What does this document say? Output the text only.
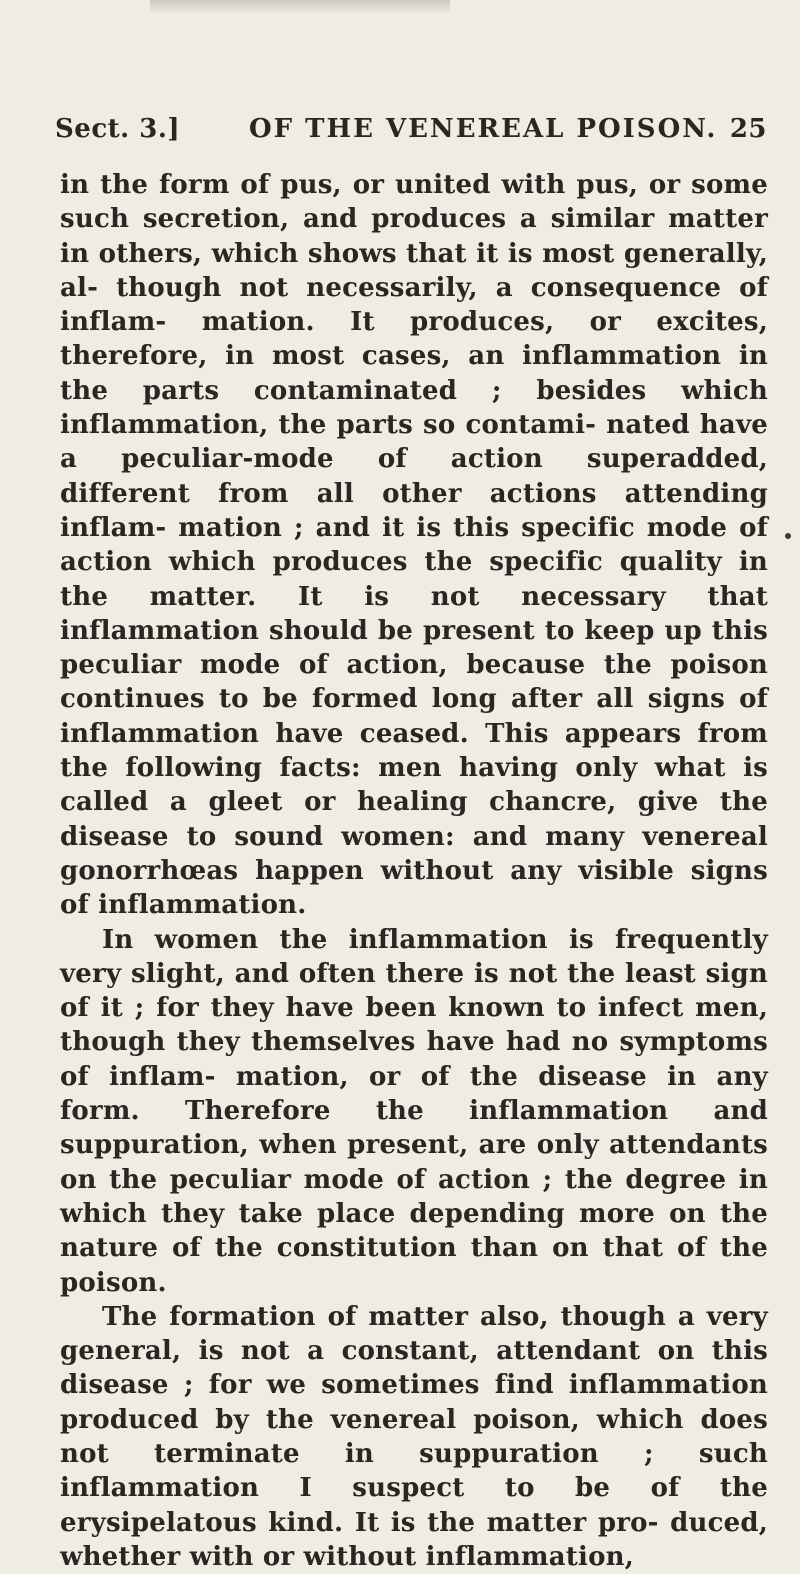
Sect. 3.]	OF THE VENEREAL POISON. 25

in the form of pus, or united with pus, or some such secretion, and produces a similar matter in others, which shows that it is most generally, al- though not necessarily, a consequence of inflam- mation. It produces, or excites, therefore, in most cases, an inflammation in the parts contaminated ; besides which inflammation, the parts so contami- nated have a peculiar-mode of action superadded, different from all other actions attending inflam- mation ; and it is this specific mode of action which produces the specific quality in the matter. It is not necessary that inflammation should be present to keep up this peculiar mode of action, because the poison continues to be formed long after all signs of inflammation have ceased. This appears from the following facts: men having only what is called a gleet or healing chancre, give the disease to sound women: and many venereal gonorrhœas happen without any visible signs of inflammation.

In women the inflammation is frequently very slight, and often there is not the least sign of it ; for they have been known to infect men, though they themselves have had no symptoms of inflam- mation, or of the disease in any form. Therefore the inflammation and suppuration, when present, are only attendants on the peculiar mode of action ; the degree in which they take place depending more on the nature of the constitution than on that of the poison.

The formation of matter also, though a very general, is not a constant, attendant on this disease ; for we sometimes find inflammation produced by the venereal poison, which does not terminate in suppuration ; such inflammation I suspect to be of the erysipelatous kind. It is the matter pro- duced, whether with or without inflammation,
